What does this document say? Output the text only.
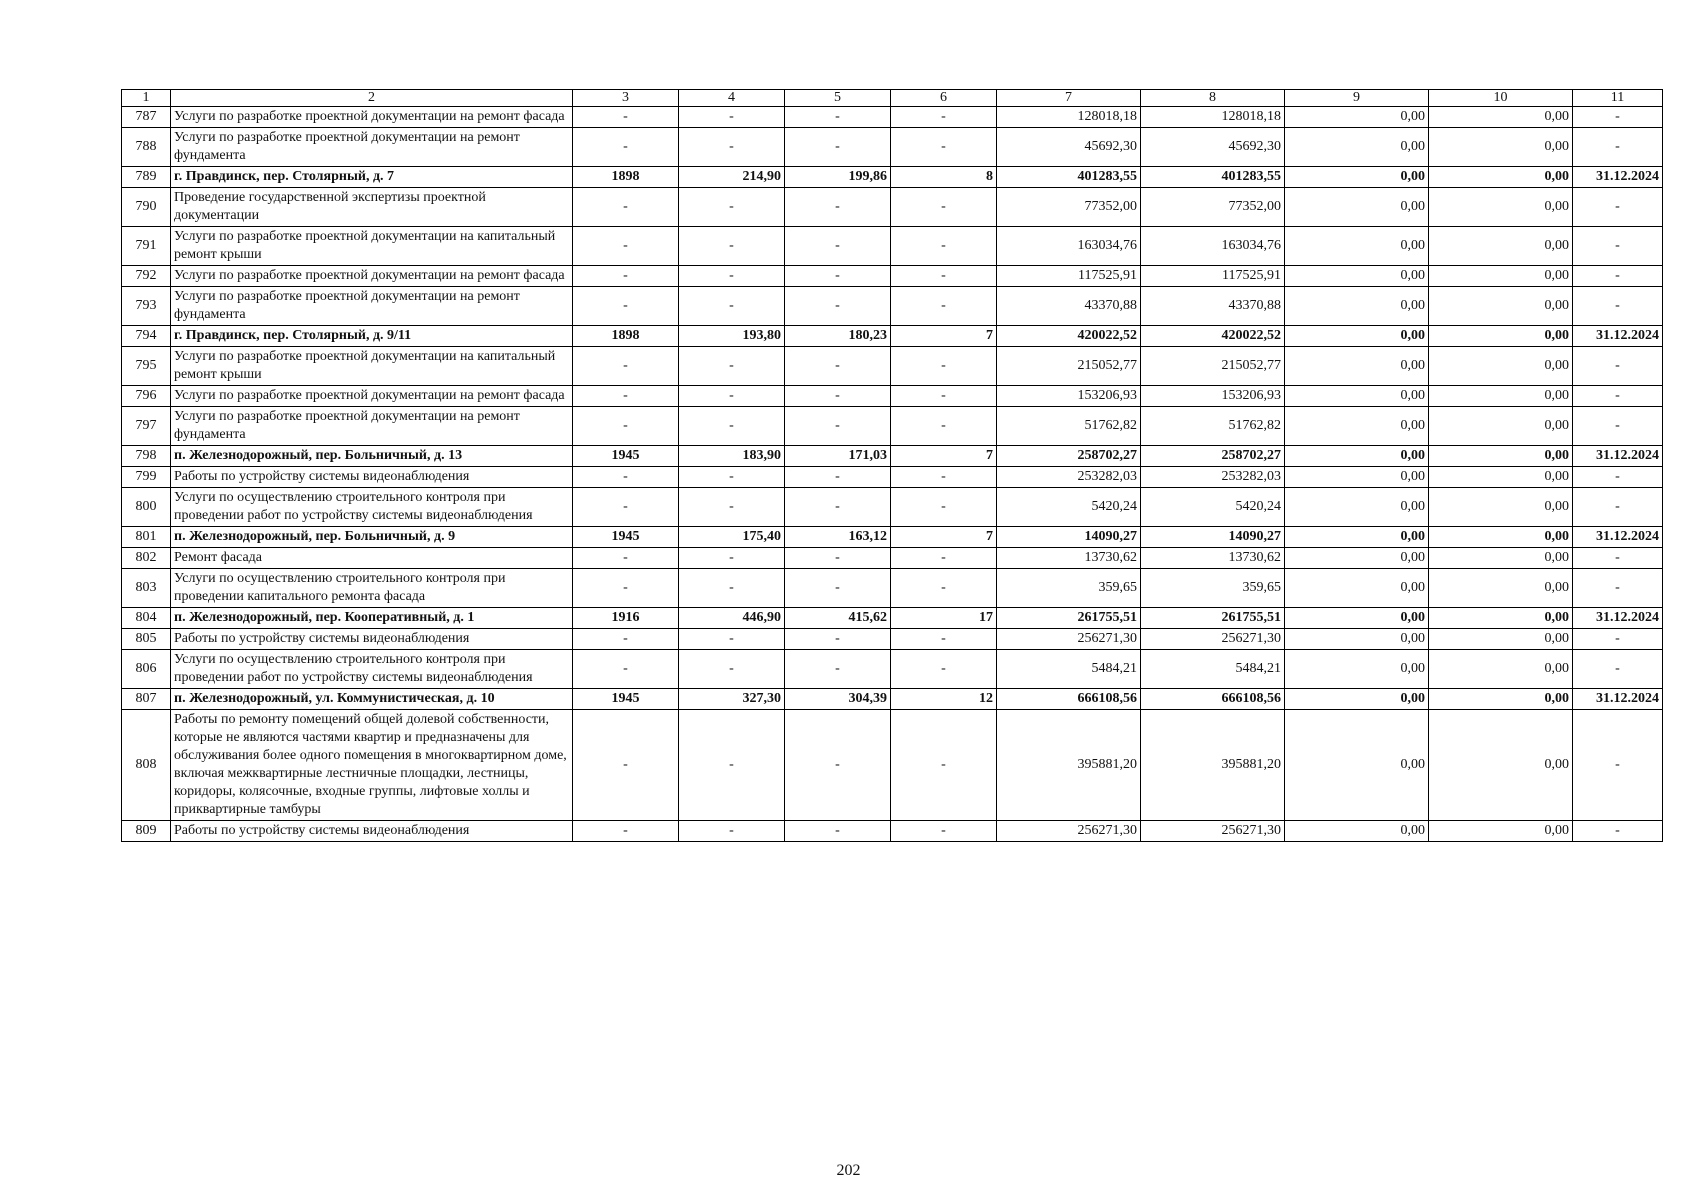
1	2	3	4	5	6	7	8	9	10	11
787	Услуги по разработке проектной документации на ремонт фасада	-	-	-	-	128018,18	128018,18	0,00	0,00	-
788	Услуги по разработке проектной документации на ремонт фундамента	-	-	-	-	45692,30	45692,30	0,00	0,00	-
789	г. Правдинск, пер. Столярный, д. 7	1898	214,90	199,86	8	401283,55	401283,55	0,00	0,00	31.12.2024
790	Проведение государственной экспертизы проектной документации	-	-	-	-	77352,00	77352,00	0,00	0,00	-
791	Услуги по разработке проектной документации на капитальный ремонт крыши	-	-	-	-	163034,76	163034,76	0,00	0,00	-
792	Услуги по разработке проектной документации на ремонт фасада	-	-	-	-	117525,91	117525,91	0,00	0,00	-
793	Услуги по разработке проектной документации на ремонт фундамента	-	-	-	-	43370,88	43370,88	0,00	0,00	-
794	г. Правдинск, пер. Столярный, д. 9/11	1898	193,80	180,23	7	420022,52	420022,52	0,00	0,00	31.12.2024
795	Услуги по разработке проектной документации на капитальный ремонт крыши	-	-	-	-	215052,77	215052,77	0,00	0,00	-
796	Услуги по разработке проектной документации на ремонт фасада	-	-	-	-	153206,93	153206,93	0,00	0,00	-
797	Услуги по разработке проектной документации на ремонт фундамента	-	-	-	-	51762,82	51762,82	0,00	0,00	-
798	п. Железнодорожный, пер. Больничный, д. 13	1945	183,90	171,03	7	258702,27	258702,27	0,00	0,00	31.12.2024
799	Работы по устройству системы видеонаблюдения	-	-	-	-	253282,03	253282,03	0,00	0,00	-
800	Услуги по осуществлению строительного контроля при проведении работ по устройству системы видеонаблюдения	-	-	-	-	5420,24	5420,24	0,00	0,00	-
801	п. Железнодорожный, пер. Больничный, д. 9	1945	175,40	163,12	7	14090,27	14090,27	0,00	0,00	31.12.2024
802	Ремонт фасада	-	-	-	-	13730,62	13730,62	0,00	0,00	-
803	Услуги по осуществлению строительного контроля при проведении капитального ремонта фасада	-	-	-	-	359,65	359,65	0,00	0,00	-
804	п. Железнодорожный, пер. Кооперативный, д. 1	1916	446,90	415,62	17	261755,51	261755,51	0,00	0,00	31.12.2024
805	Работы по устройству системы видеонаблюдения	-	-	-	-	256271,30	256271,30	0,00	0,00	-
806	Услуги по осуществлению строительного контроля при проведении работ по устройству системы видеонаблюдения	-	-	-	-	5484,21	5484,21	0,00	0,00	-
807	п. Железнодорожный, ул. Коммунистическая, д. 10	1945	327,30	304,39	12	666108,56	666108,56	0,00	0,00	31.12.2024
808	Работы по ремонту помещений общей долевой собственности, которые не являются частями квартир и предназначены для обслуживания более одного помещения в многоквартирном доме, включая межквартирные лестничные площадки, лестницы, коридоры, колясочные, входные группы, лифтовые холлы и приквартирные тамбуры	-	-	-	-	395881,20	395881,20	0,00	0,00	-
809	Работы по устройству системы видеонаблюдения	-	-	-	-	256271,30	256271,30	0,00	0,00	-
202
